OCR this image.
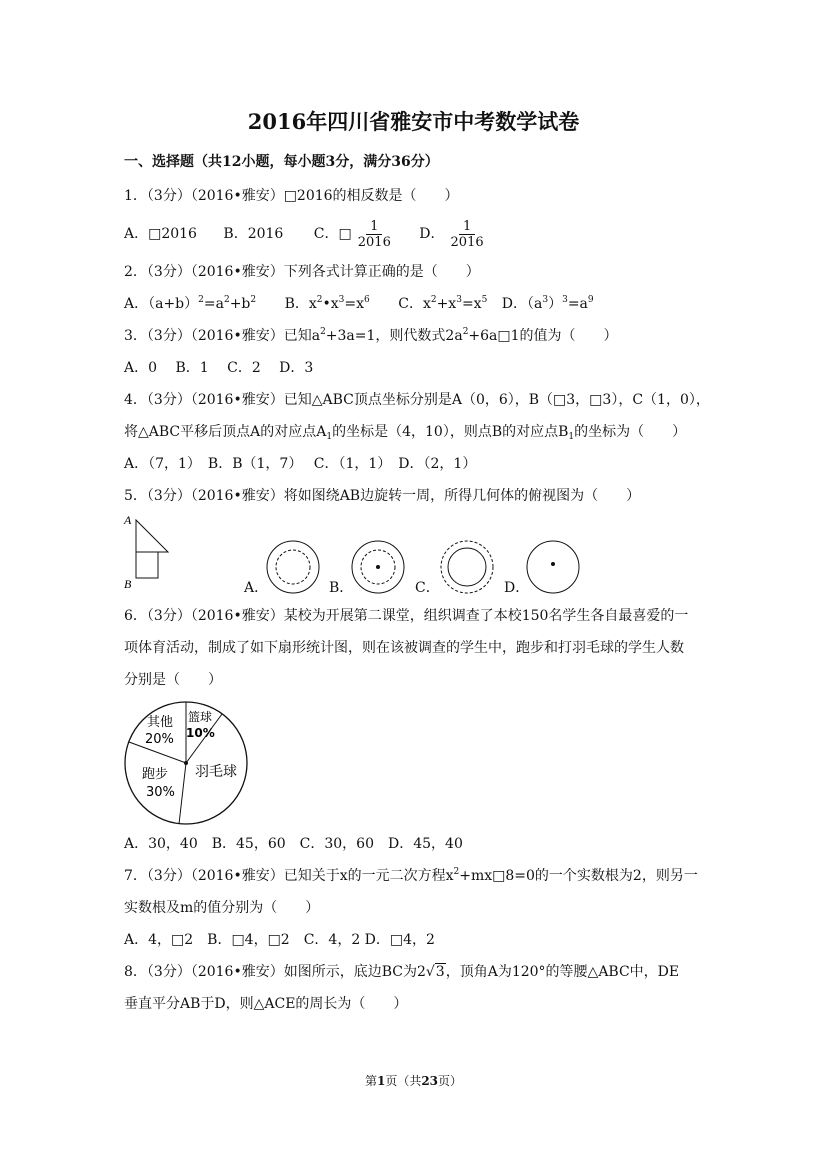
2016年四川省雅安市中考数学试卷
一、选择题（共12小题，每小题3分，满分36分）
1．（3分）（2016•雅安）□2016的相反数是（　　）
A．□2016 B．2016 C．□ $\frac{1}{2016}$ D． $\frac{1}{2016}$
2．（3分）（2016•雅安）下列各式计算正确的是（　　）
A．$(a+b)^2=a^2+b^2$ B．$x^2•x^3=x^6$ C．$x^2+x^3=x^5$ D．$(a^3)^3=a^9$
3．（3分）（2016•雅安）已知$a^2+3a=1$，则代数式$2a^2+6a□1$的值为（　　）
A．0　 B．1　 C．2　 D．3
4．（3分）（2016•雅安）已知△ABC顶点坐标分别是A（0，6），B（□3，□3），C（1，0），
将△ABC平移后顶点A的对应点$A_1$的坐标是（4，10），则点B的对应点$B_1$的坐标为（　　）
A．（7，1）　B．B（1，7）　 C．（1，1）　D．（2，1）
5．（3分）（2016•雅安）将如图绕AB边旋转一周，所得几何体的俯视图为（　　）
A
B	A．	B．	C．	D．
6．（3分）（2016•雅安）某校为开展第二课堂，组织调查了本校150名学生各自最喜爱的一
项体育活动，制成了如下扇形统计图，则在该被调查的学生中，跑步和打羽毛球的学生人数
分别是（　　）
其他
20%
篮球
10%
羽毛球
跑步
30%
A．30，40　B．45，60　C．30，60　D．45，40
7．（3分）（2016•雅安）已知关于x的一元二次方程$x^2+mx□8=0$的一个实数根为2，则另一
实数根及m的值分别为（　　）
A．4，□2　B．□4，□2　C．4，2 D．□4，2
8．（3分）（2016•雅安）如图所示，底边BC为2√3，顶角A为120°的等腰△ABC中，DE
垂直平分AB于D，则△ACE的周长为（　　）
第1页（共23页）
